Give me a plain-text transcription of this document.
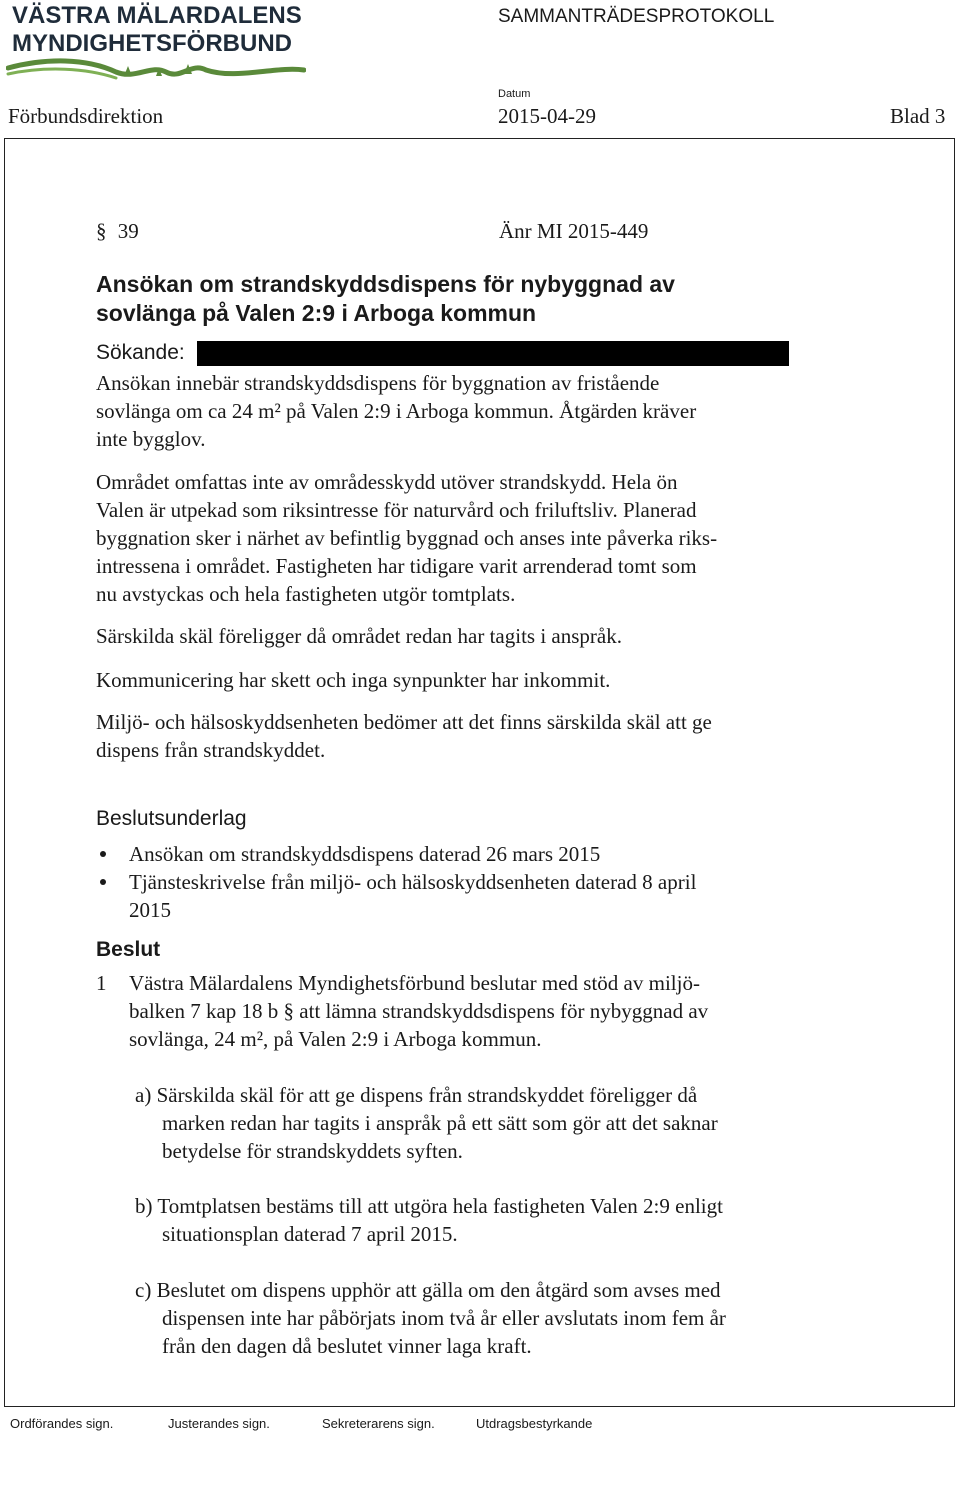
VÄSTRA MÄLARDALENS
MYNDIGHETSFÖRBUND
SAMMANTRÄDESPROTOKOLL
Förbundsdirektion
Datum
2015-04-29	Blad 3
§ 39	Änr MI 2015-449
Ansökan om strandskyddsdispens för nybyggnad av
sovlänga på Valen 2:9 i Arboga kommun
Sökande:
Ansökan innebär strandskyddsdispens för byggnation av fristående
sovlänga om ca 24 m² på Valen 2:9 i Arboga kommun. Åtgärden kräver
inte bygglov.
Området omfattas inte av områdesskydd utöver strandskydd. Hela ön
Valen är utpekad som riksintresse för naturvård och friluftsliv. Planerad
byggnation sker i närhet av befintlig byggnad och anses inte påverka riks-
intressena i området. Fastigheten har tidigare varit arrenderad tomt som
nu avstyckas och hela fastigheten utgör tomtplats.
Särskilda skäl föreligger då området redan har tagits i anspråk.
Kommunicering har skett och inga synpunkter har inkommit.
Miljö- och hälsoskyddsenheten bedömer att det finns särskilda skäl att ge
dispens från strandskyddet.
Beslutsunderlag
Ansökan om strandskyddsdispens daterad 26 mars 2015
Tjänsteskrivelse från miljö- och hälsoskyddsenheten daterad 8 april
2015
Beslut
1 Västra Mälardalens Myndighetsförbund beslutar med stöd av miljö-
balken 7 kap 18 b § att lämna strandskyddsdispens för nybyggnad av
sovlänga, 24 m², på Valen 2:9 i Arboga kommun.
a) Särskilda skäl för att ge dispens från strandskyddet föreligger då
marken redan har tagits i anspråk på ett sätt som gör att det saknar
betydelse för strandskyddets syften.
b) Tomtplatsen bestäms till att utgöra hela fastigheten Valen 2:9 enligt
situationsplan daterad 7 april 2015.
c) Beslutet om dispens upphör att gälla om den åtgärd som avses med
dispensen inte har påbörjats inom två år eller avslutats inom fem år
från den dagen då beslutet vinner laga kraft.
Ordförandes sign.	Justerandes sign.	Sekreterarens sign.	Utdragsbestyrkande
